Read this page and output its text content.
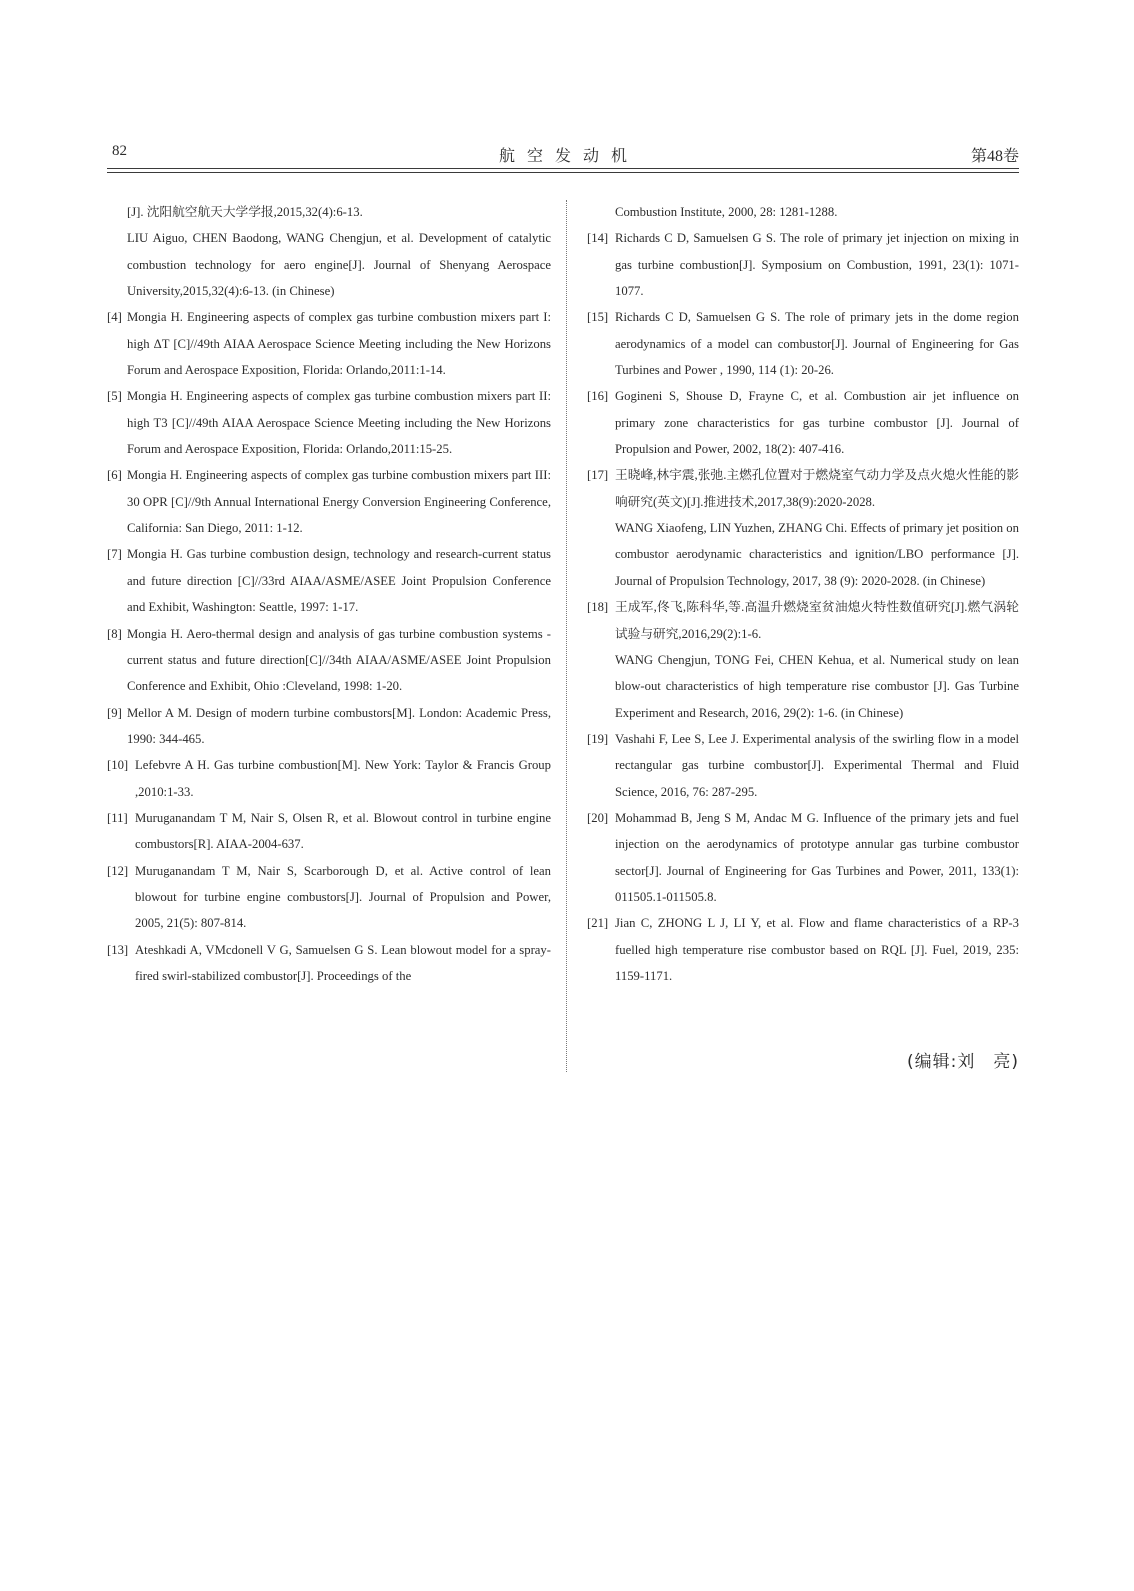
82	航空发动机	第48卷
[J]. 沈阳航空航天大学学报,2015,32(4):6-13.
LIU Aiguo, CHEN Baodong, WANG Chengjun, et al. Development of catalytic combustion technology for aero engine[J]. Journal of Shenyang Aerospace University,2015,32(4):6-13. (in Chinese)
[4] Mongia H. Engineering aspects of complex gas turbine combustion mixers part I: high ΔT [C]//49th AIAA Aerospace Science Meeting including the New Horizons Forum and Aerospace Exposition, Florida: Orlando,2011:1-14.
[5] Mongia H. Engineering aspects of complex gas turbine combustion mixers part II: high T3 [C]//49th AIAA Aerospace Science Meeting including the New Horizons Forum and Aerospace Exposition, Florida: Orlando,2011:15-25.
[6] Mongia H. Engineering aspects of complex gas turbine combustion mixers part III: 30 OPR [C]//9th Annual International Energy Conversion Engineering Conference, California: San Diego, 2011: 1-12.
[7] Mongia H. Gas turbine combustion design, technology and research-current status and future direction [C]//33rd AIAA/ASME/ASEE Joint Propulsion Conference and Exhibit, Washington: Seattle, 1997: 1-17.
[8] Mongia H. Aero-thermal design and analysis of gas turbine combustion systems - current status and future direction[C]//34th AIAA/ASME/ASEE Joint Propulsion Conference and Exhibit, Ohio :Cleveland, 1998: 1-20.
[9] Mellor A M. Design of modern turbine combustors[M]. London: Academic Press, 1990: 344-465.
[10] Lefebvre A H. Gas turbine combustion[M]. New York: Taylor & Francis Group ,2010:1-33.
[11] Muruganandam T M, Nair S, Olsen R, et al. Blowout control in turbine engine combustors[R]. AIAA-2004-637.
[12] Muruganandam T M, Nair S, Scarborough D, et al. Active control of lean blowout for turbine engine combustors[J]. Journal of Propulsion and Power, 2005, 21(5): 807-814.
[13] Ateshkadi A, VMcdonell V G, Samuelsen G S. Lean blowout model for a spray-fired swirl-stabilized combustor[J]. Proceedings of the
Combustion Institute, 2000, 28: 1281-1288.
[14] Richards C D, Samuelsen G S. The role of primary jet injection on mixing in gas turbine combustion[J]. Symposium on Combustion, 1991, 23(1): 1071-1077.
[15] Richards C D, Samuelsen G S. The role of primary jets in the dome region aerodynamics of a model can combustor[J]. Journal of Engineering for Gas Turbines and Power , 1990, 114 (1): 20-26.
[16] Gogineni S, Shouse D, Frayne C, et al. Combustion air jet influence on primary zone characteristics for gas turbine combustor [J]. Journal of Propulsion and Power, 2002, 18(2): 407-416.
[17] 王晓峰,林宇震,张弛.主燃孔位置对于燃烧室气动力学及点火熄火性能的影响研究(英文)[J].推进技术,2017,38(9):2020-2028.
WANG Xiaofeng, LIN Yuzhen, ZHANG Chi. Effects of primary jet position on combustor aerodynamic characteristics and ignition/LBO performance [J]. Journal of Propulsion Technology, 2017, 38 (9): 2020-2028. (in Chinese)
[18] 王成军,佟飞,陈科华,等.高温升燃烧室贫油熄火特性数值研究[J].燃气涡轮试验与研究,2016,29(2):1-6.
WANG Chengjun, TONG Fei, CHEN Kehua, et al. Numerical study on lean blow-out characteristics of high temperature rise combustor [J]. Gas Turbine Experiment and Research, 2016, 29(2): 1-6. (in Chinese)
[19] Vashahi F, Lee S, Lee J. Experimental analysis of the swirling flow in a model rectangular gas turbine combustor[J]. Experimental Thermal and Fluid Science, 2016, 76: 287-295.
[20] Mohammad B, Jeng S M, Andac M G. Influence of the primary jets and fuel injection on the aerodynamics of prototype annular gas turbine combustor sector[J]. Journal of Engineering for Gas Turbines and Power, 2011, 133(1): 011505.1-011505.8.
[21] Jian C, ZHONG L J, LI Y, et al. Flow and flame characteristics of a RP-3 fuelled high temperature rise combustor based on RQL [J]. Fuel, 2019, 235: 1159-1171.
(编辑:刘　亮)
